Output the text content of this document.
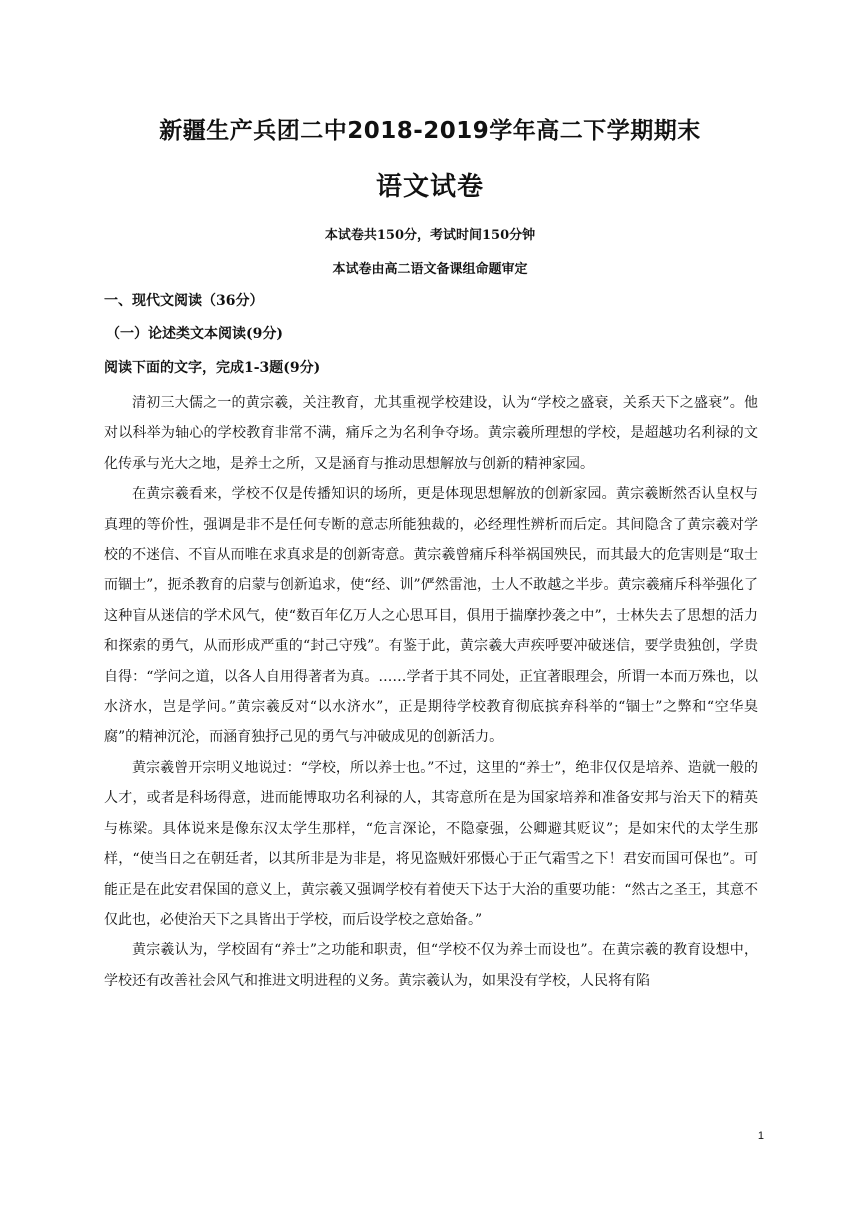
新疆生产兵团二中2018-2019学年高二下学期期末
语文试卷
本试卷共150分，考试时间150分钟
本试卷由高二语文备课组命题审定
一、现代文阅读（36分）
（一）论述类文本阅读(9分)
阅读下面的文字，完成1-3题(9分)

清初三大儒之一的黄宗羲，关注教育，尤其重视学校建设，认为“学校之盛衰，关系天下之盛衰”。他对以科举为轴心的学校教育非常不满，痛斥之为名利争夺场。黄宗羲所理想的学校，是超越功名利禄的文化传承与光大之地，是养士之所，又是涵育与推动思想解放与创新的精神家园。

在黄宗羲看来，学校不仅是传播知识的场所，更是体现思想解放的创新家园。黄宗羲断然否认皇权与真理的等价性，强调是非不是任何专断的意志所能独裁的，必经理性辨析而后定。其间隐含了黄宗羲对学校的不迷信、不盲从而唯在求真求是的创新寄意。黄宗羲曾痛斥科举祸国殃民，而其最大的危害则是“取士而锢士”，扼杀教育的启蒙与创新追求，使“经、训”俨然雷池，士人不敢越之半步。黄宗羲痛斥科举强化了这种盲从迷信的学术风气，使“数百年亿万人之心思耳目，俱用于揣摩抄袭之中”，士林失去了思想的活力和探索的勇气，从而形成严重的“封己守残”。有鉴于此，黄宗羲大声疾呼要冲破迷信，要学贵独创，学贵自得：“学问之道，以各人自用得著者为真。……学者于其不同处，正宜著眼理会，所谓一本而万殊也，以水济水，岂是学问。”黄宗羲反对“以水济水”，正是期待学校教育彻底摈弃科举的“锢士”之弊和“空华臭腐”的精神沉沦，而涵育独抒己见的勇气与冲破成见的创新活力。

黄宗羲曾开宗明义地说过：“学校，所以养士也。”不过，这里的“养士”，绝非仅仅是培养、造就一般的人才，或者是科场得意，进而能博取功名利禄的人，其寄意所在是为国家培养和准备安邦与治天下的精英与栋梁。具体说来是像东汉太学生那样，“危言深论，不隐豪强，公卿避其贬议”；是如宋代的太学生那样，“使当日之在朝廷者，以其所非是为非是，将见盗贼奸邪慑心于正气霜雪之下！君安而国可保也”。可能正是在此安君保国的意义上，黄宗羲又强调学校有着使天下达于大治的重要功能：“然古之圣王，其意不仅此也，必使治天下之具皆出于学校，而后设学校之意始备。”

黄宗羲认为，学校固有“养士”之功能和职责，但“学校不仅为养士而设也”。在黄宗羲的教育设想中，学校还有改善社会风气和推进文明进程的义务。黄宗羲认为，如果没有学校，人民将有陷

1
